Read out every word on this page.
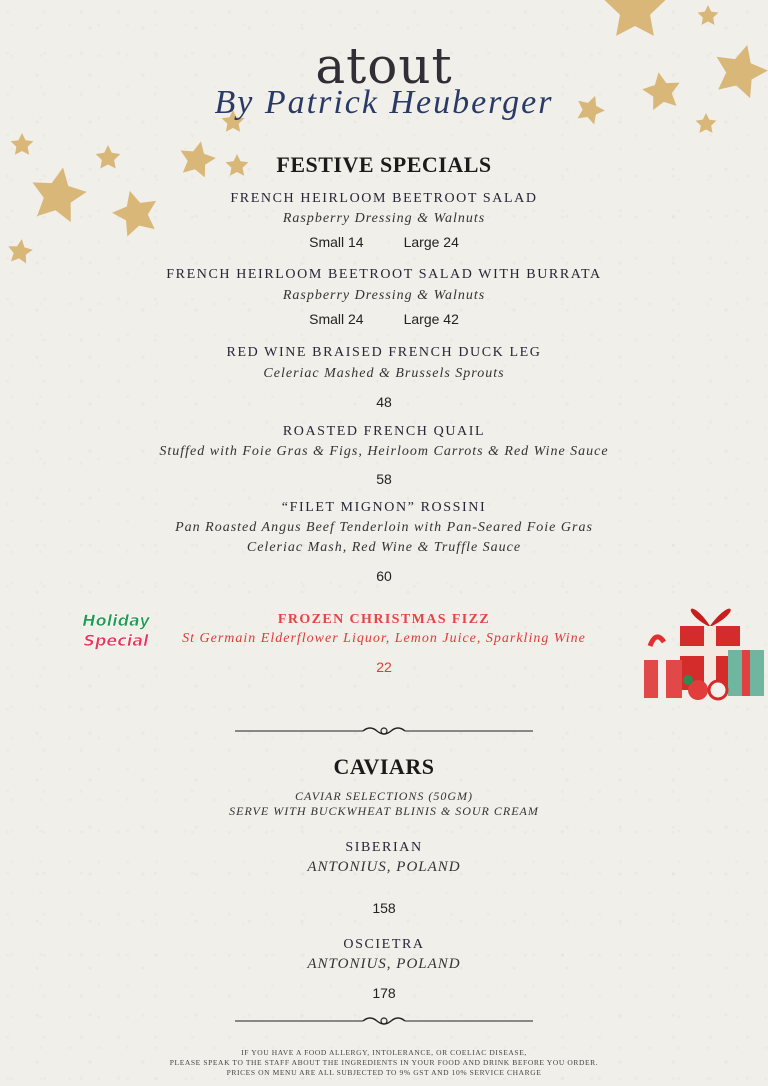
atout
By Patrick Heuberger
FESTIVE SPECIALS
FRENCH HEIRLOOM BEETROOT SALAD
Raspberry Dressing & Walnuts
Small 14	Large 24
FRENCH HEIRLOOM BEETROOT SALAD WITH BURRATA
Raspberry Dressing & Walnuts
Small 24	Large 42
RED WINE BRAISED FRENCH DUCK LEG
Celeriac Mashed & Brussels Sprouts
48
ROASTED FRENCH QUAIL
Stuffed with Foie Gras & Figs, Heirloom Carrots & Red Wine Sauce
58
“FILET MIGNON” ROSSINI
Pan Roasted Angus Beef Tenderloin with Pan-Seared Foie Gras
Celeriac Mash, Red Wine & Truffle Sauce
60
Holiday
Special
FROZEN CHRISTMAS FIZZ
St Germain Elderflower Liquor, Lemon Juice, Sparkling Wine
22
CAVIARS
CAVIAR SELECTIONS (50GM)
SERVE WITH BUCKWHEAT BLINIS & SOUR CREAM
SIBERIAN
ANTONIUS, POLAND
158
OSCIETRA
ANTONIUS, POLAND
178
IF YOU HAVE A FOOD ALLERGY, INTOLERANCE, OR COELIAC DISEASE,
PLEASE SPEAK TO THE STAFF ABOUT THE INGREDIENTS IN YOUR FOOD AND DRINK BEFORE YOU ORDER.
PRICES ON MENU ARE ALL SUBJECTED TO 9% GST AND 10% SERVICE CHARGE
